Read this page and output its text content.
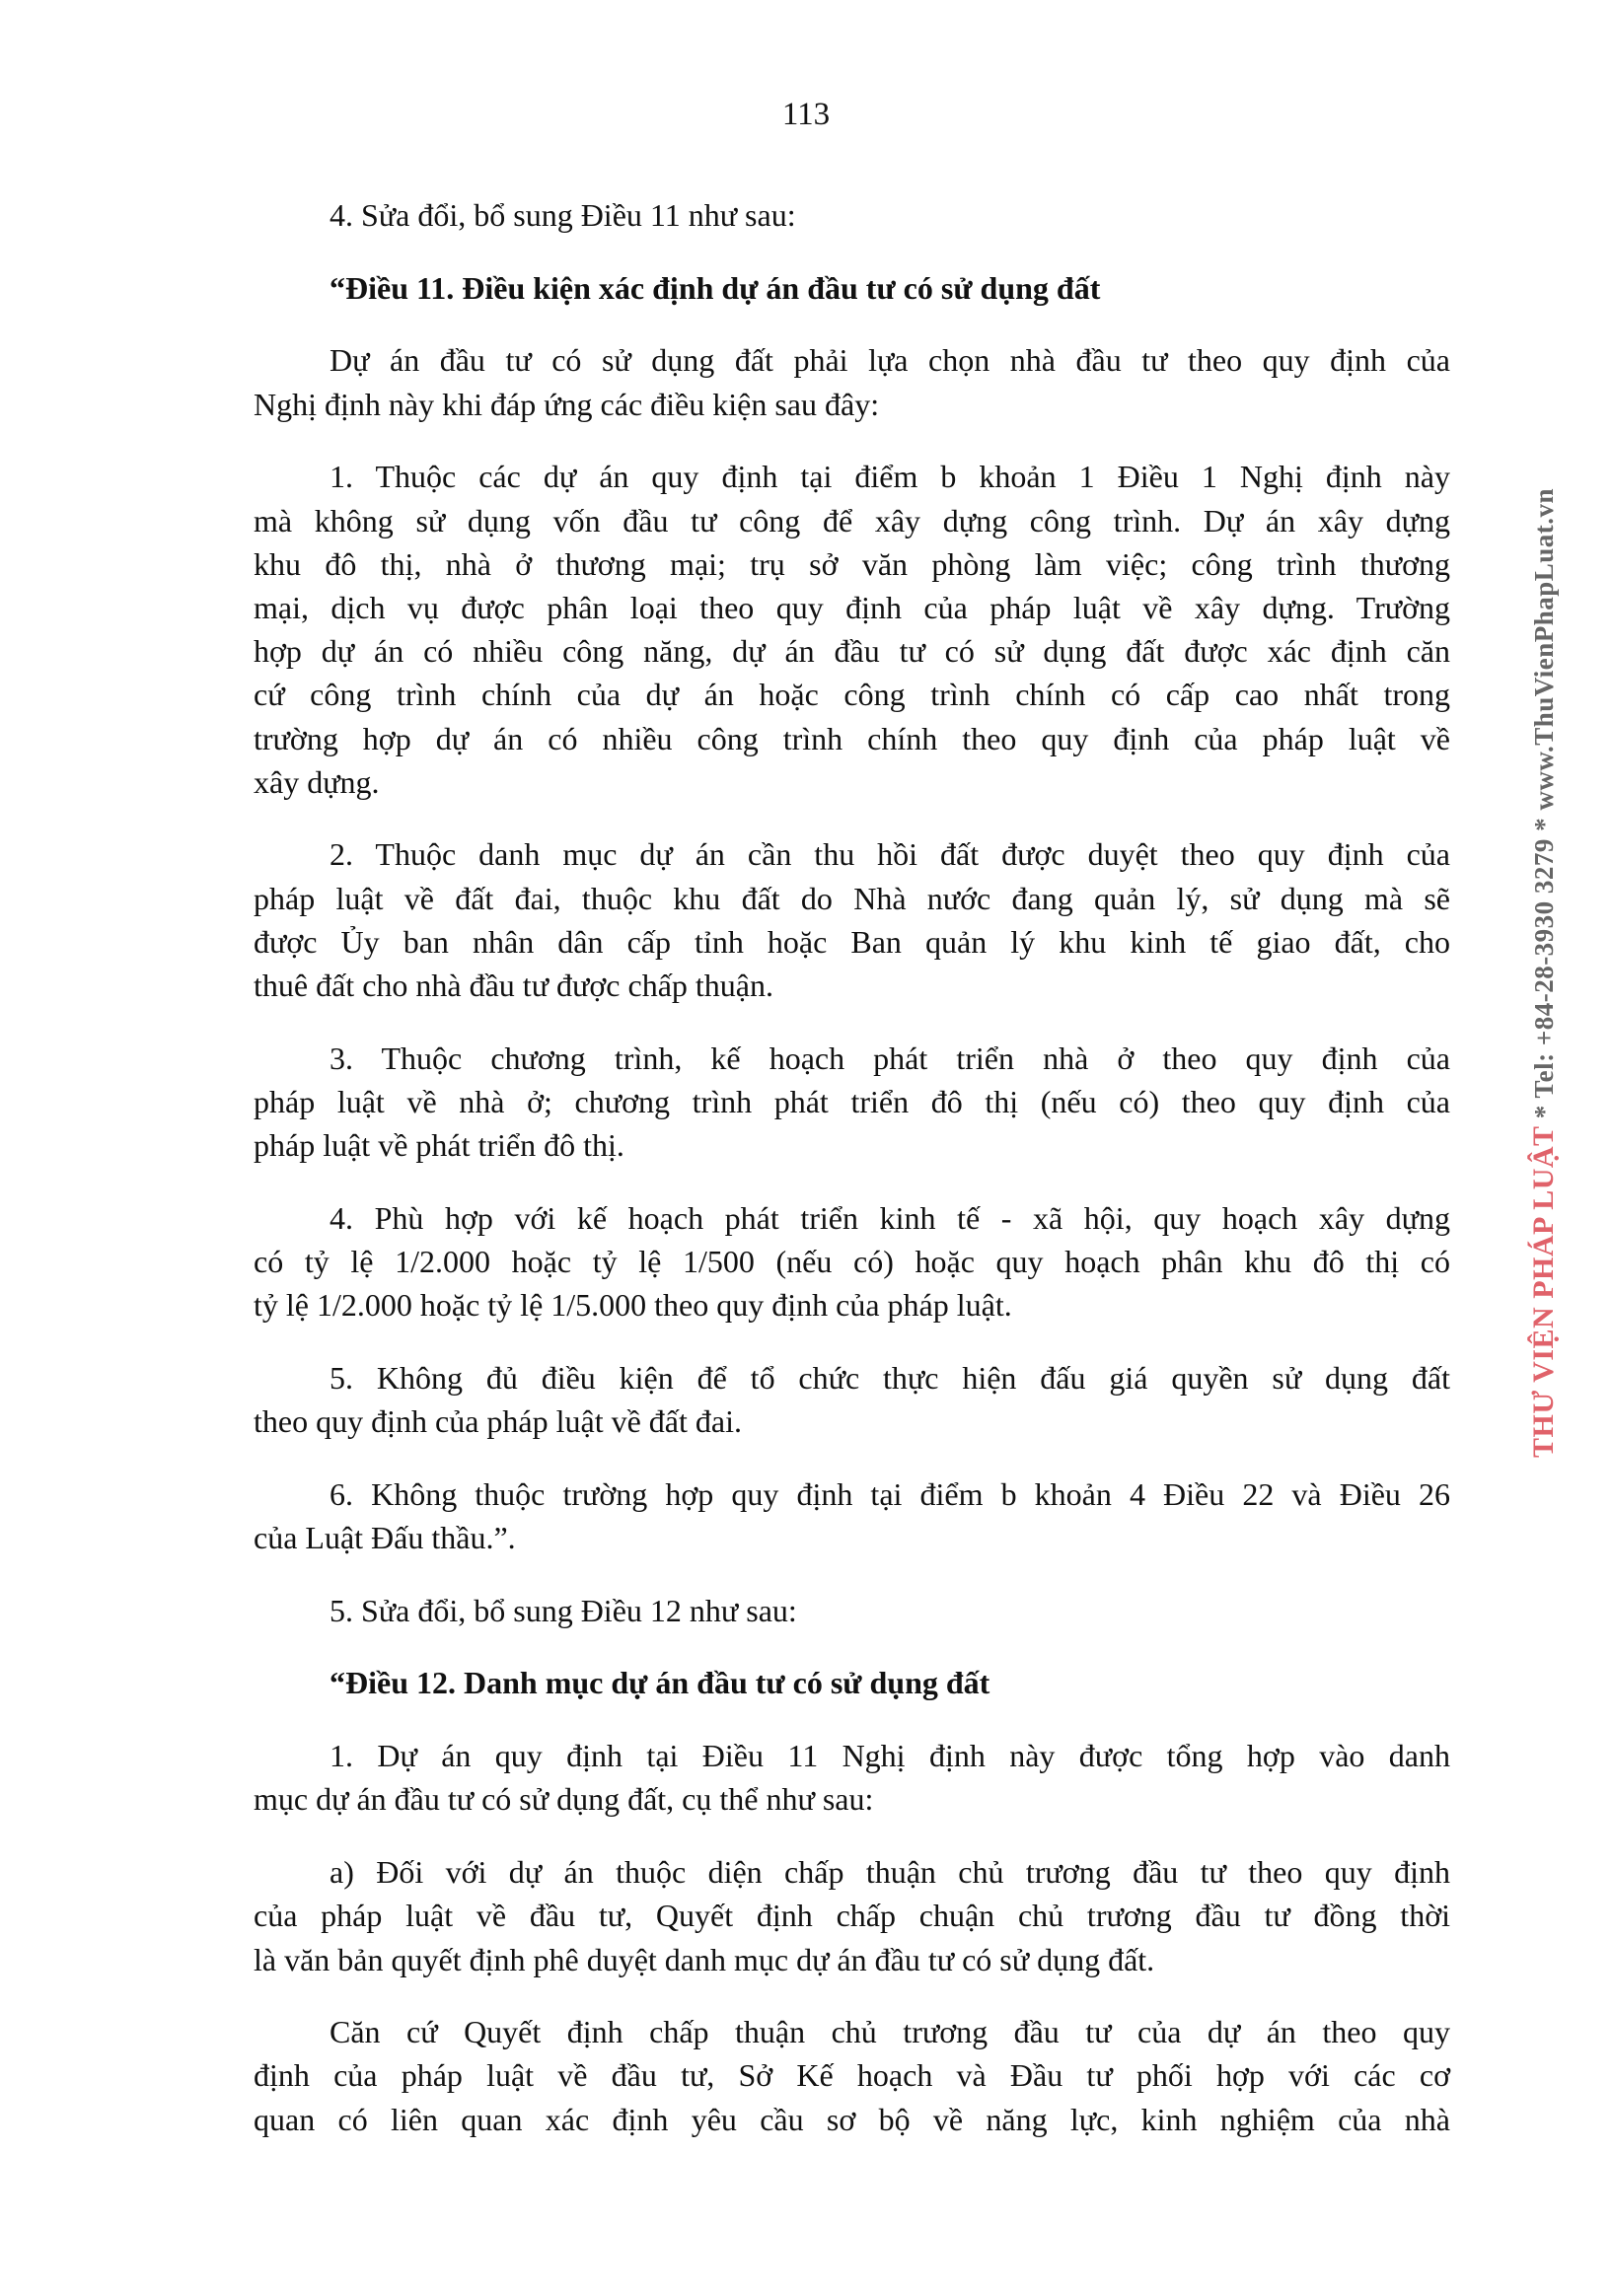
113
4. Sửa đổi, bổ sung Điều 11 như sau:
“Điều 11. Điều kiện xác định dự án đầu tư có sử dụng đất
Dự án đầu tư có sử dụng đất phải lựa chọn nhà đầu tư theo quy định của
Nghị định này khi đáp ứng các điều kiện sau đây:
1. Thuộc các dự án quy định tại điểm b khoản 1 Điều 1 Nghị định này
mà không sử dụng vốn đầu tư công để xây dựng công trình. Dự án xây dựng
khu đô thị, nhà ở thương mại; trụ sở văn phòng làm việc; công trình thương
mại, dịch vụ được phân loại theo quy định của pháp luật về xây dựng. Trường
hợp dự án có nhiều công năng, dự án đầu tư có sử dụng đất được xác định căn
cứ công trình chính của dự án hoặc công trình chính có cấp cao nhất trong
trường hợp dự án có nhiều công trình chính theo quy định của pháp luật về
xây dựng.
2. Thuộc danh mục dự án cần thu hồi đất được duyệt theo quy định của
pháp luật về đất đai, thuộc khu đất do Nhà nước đang quản lý, sử dụng mà sẽ
được Ủy ban nhân dân cấp tỉnh hoặc Ban quản lý khu kinh tế giao đất, cho
thuê đất cho nhà đầu tư được chấp thuận.
3. Thuộc chương trình, kế hoạch phát triển nhà ở theo quy định của
pháp luật về nhà ở; chương trình phát triển đô thị (nếu có) theo quy định của
pháp luật về phát triển đô thị.
4. Phù hợp với kế hoạch phát triển kinh tế - xã hội, quy hoạch xây dựng
có tỷ lệ 1/2.000 hoặc tỷ lệ 1/500 (nếu có) hoặc quy hoạch phân khu đô thị có
tỷ lệ 1/2.000 hoặc tỷ lệ 1/5.000 theo quy định của pháp luật.
5. Không đủ điều kiện để tổ chức thực hiện đấu giá quyền sử dụng đất
theo quy định của pháp luật về đất đai.
6. Không thuộc trường hợp quy định tại điểm b khoản 4 Điều 22 và Điều 26
của Luật Đấu thầu.”.
5. Sửa đổi, bổ sung Điều 12 như sau:
“Điều 12. Danh mục dự án đầu tư có sử dụng đất
1. Dự án quy định tại Điều 11 Nghị định này được tổng hợp vào danh
mục dự án đầu tư có sử dụng đất, cụ thể như sau:
a) Đối với dự án thuộc diện chấp thuận chủ trương đầu tư theo quy định
của pháp luật về đầu tư, Quyết định chấp chuận chủ trương đầu tư đồng thời
là văn bản quyết định phê duyệt danh mục dự án đầu tư có sử dụng đất.
Căn cứ Quyết định chấp thuận chủ trương đầu tư của dự án theo quy
định của pháp luật về đầu tư, Sở Kế hoạch và Đầu tư phối hợp với các cơ
quan có liên quan xác định yêu cầu sơ bộ về năng lực, kinh nghiệm của nhà
THƯ VIỆN PHÁP LUẬT * Tel: +84-28-3930 3279 * www.ThuVienPhapLuat.vn
